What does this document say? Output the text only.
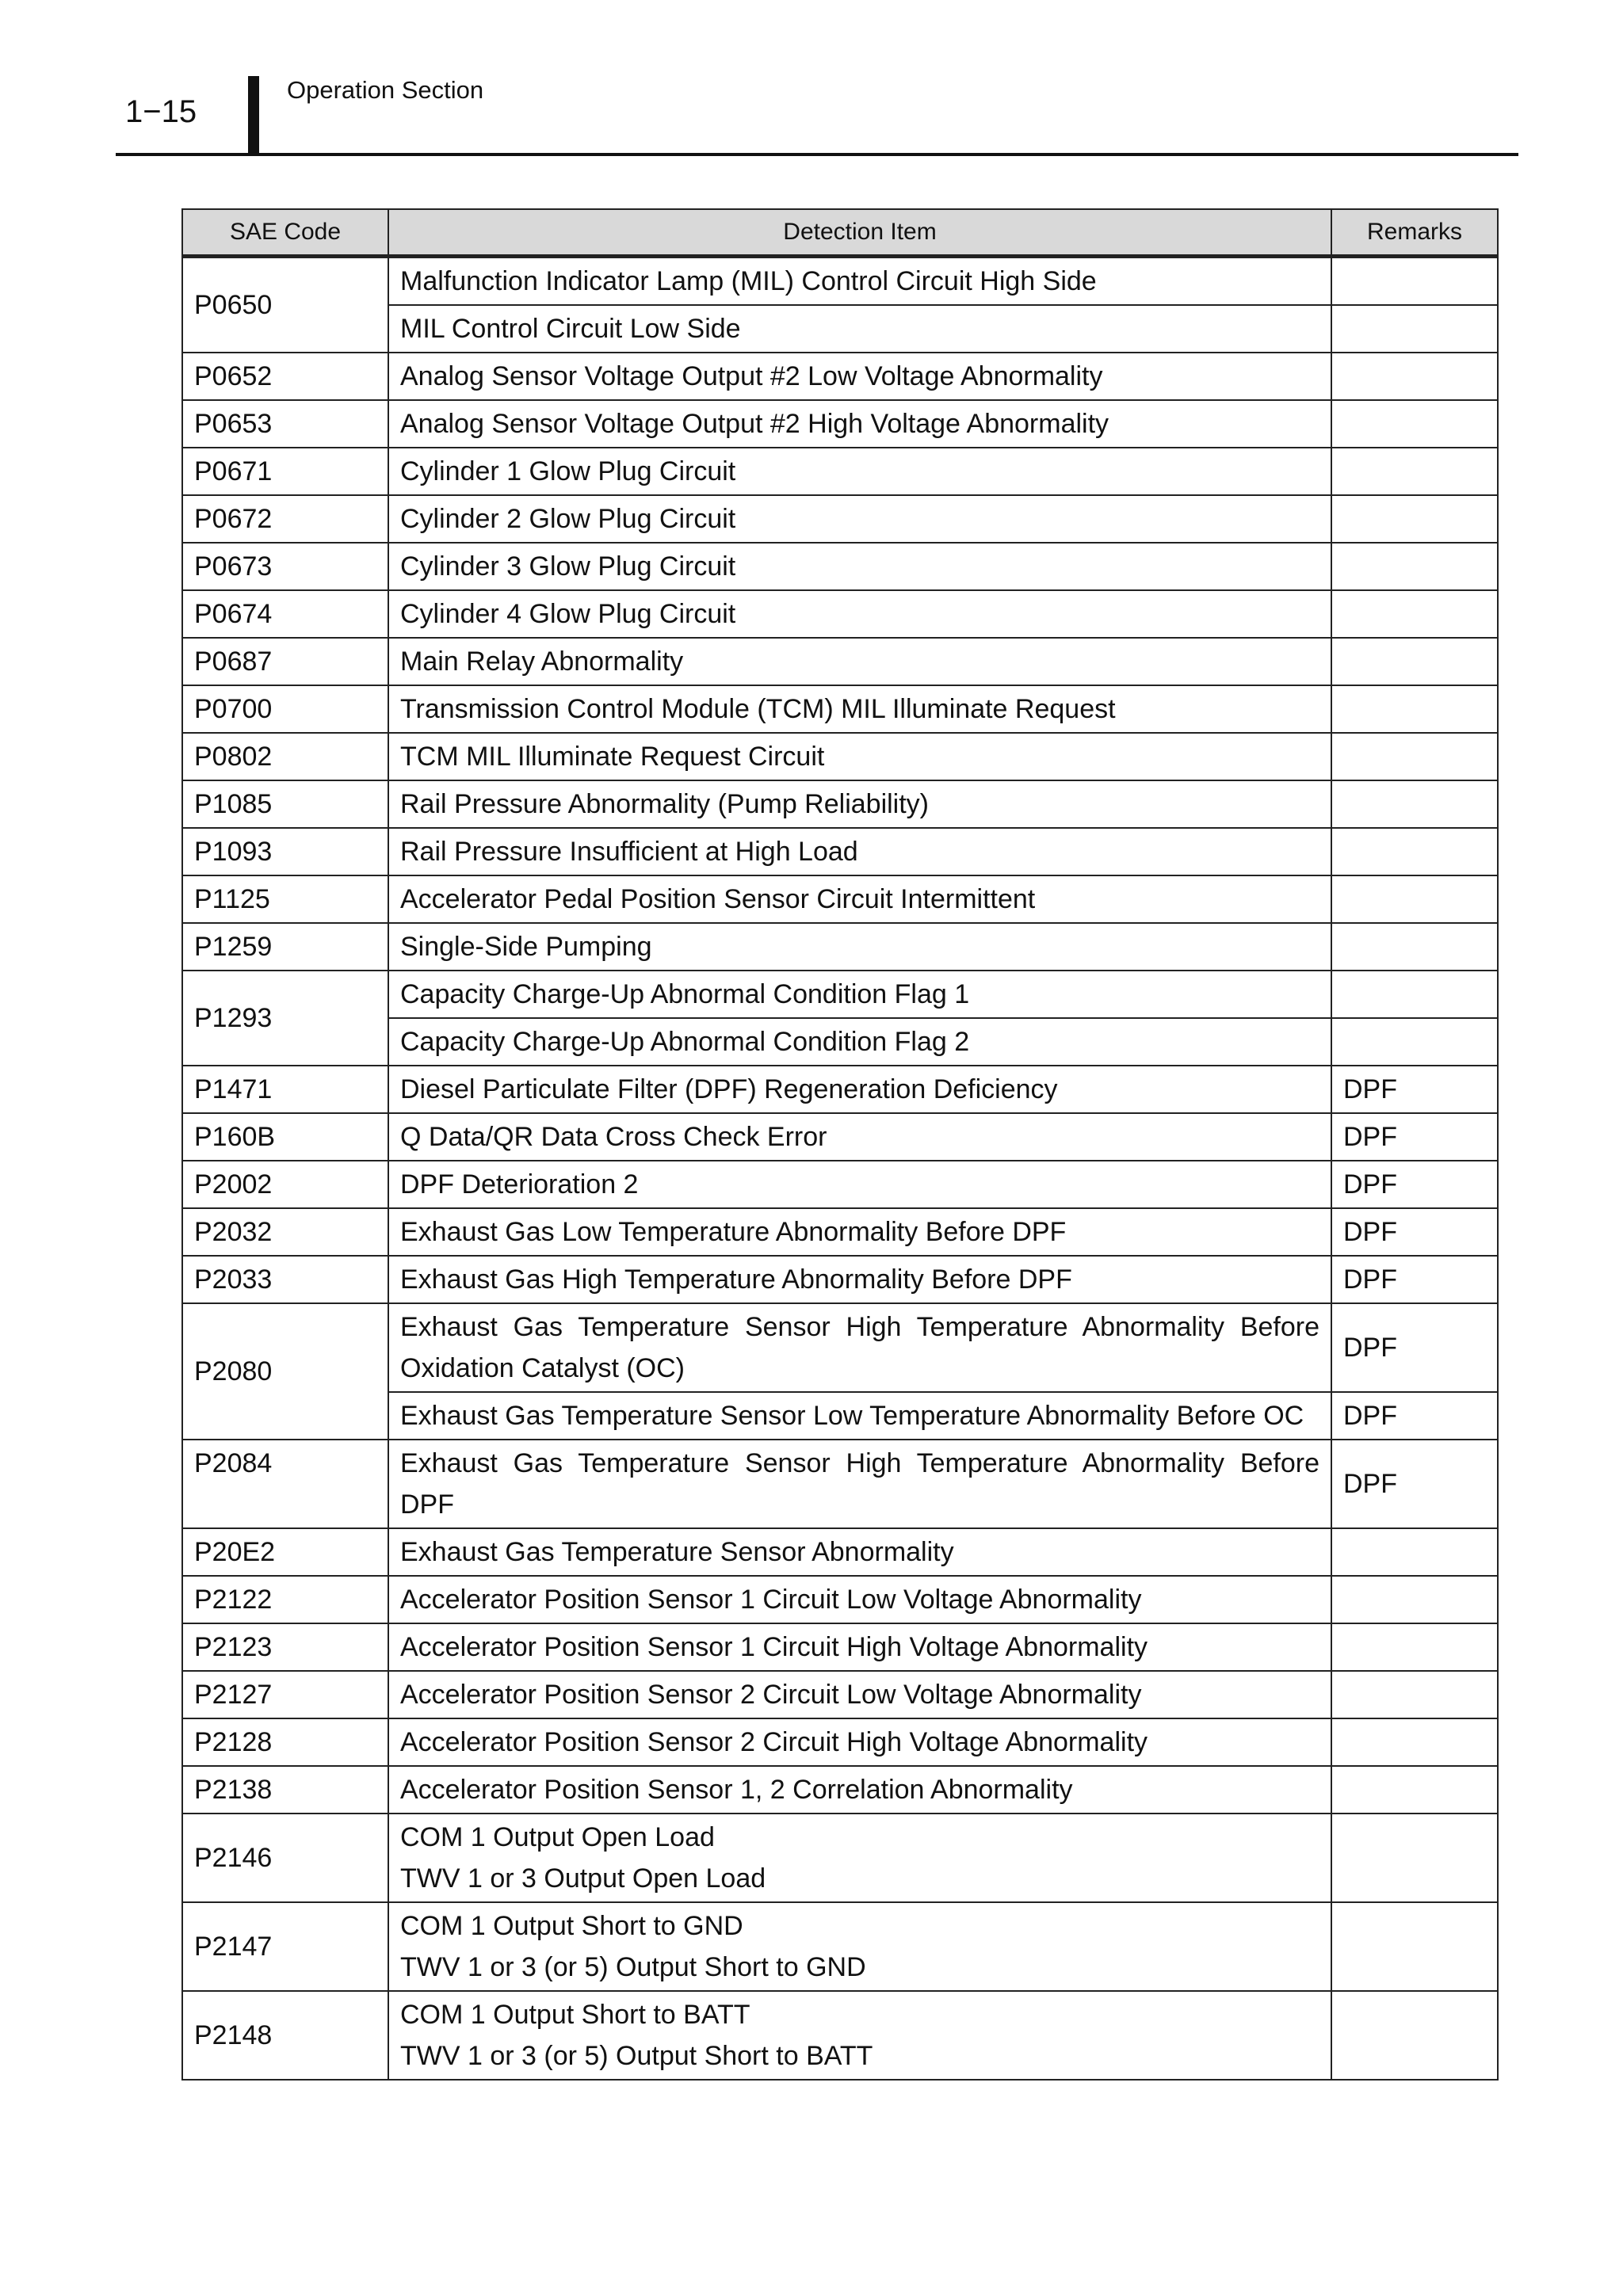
1−15
Operation Section
SAE Code	Detection Item	Remarks
P0650	Malfunction Indicator Lamp (MIL) Control Circuit High Side	
	MIL Control Circuit Low Side	
P0652	Analog Sensor Voltage Output #2 Low Voltage Abnormality	
P0653	Analog Sensor Voltage Output #2 High Voltage Abnormality	
P0671	Cylinder 1 Glow Plug Circuit	
P0672	Cylinder 2 Glow Plug Circuit	
P0673	Cylinder 3 Glow Plug Circuit	
P0674	Cylinder 4 Glow Plug Circuit	
P0687	Main Relay Abnormality	
P0700	Transmission Control Module (TCM) MIL Illuminate Request	
P0802	TCM MIL Illuminate Request Circuit	
P1085	Rail Pressure Abnormality (Pump Reliability)	
P1093	Rail Pressure Insufficient at High Load	
P1125	Accelerator Pedal Position Sensor Circuit Intermittent	
P1259	Single-Side Pumping	
P1293	Capacity Charge-Up Abnormal Condition Flag 1	
	Capacity Charge-Up Abnormal Condition Flag 2	
P1471	Diesel Particulate Filter (DPF) Regeneration Deficiency	DPF
P160B	Q Data/QR Data Cross Check Error	DPF
P2002	DPF Deterioration 2	DPF
P2032	Exhaust Gas Low Temperature Abnormality Before DPF	DPF
P2033	Exhaust Gas High Temperature Abnormality Before DPF	DPF
P2080	Exhaust Gas Temperature Sensor High Temperature Abnormality Before Oxidation Catalyst (OC)	DPF
	Exhaust Gas Temperature Sensor Low Temperature Abnormality Before OC	DPF
P2084	Exhaust Gas Temperature Sensor High Temperature Abnormality Before DPF	DPF
P20E2	Exhaust Gas Temperature Sensor Abnormality	
P2122	Accelerator Position Sensor 1 Circuit Low Voltage Abnormality	
P2123	Accelerator Position Sensor 1 Circuit High Voltage Abnormality	
P2127	Accelerator Position Sensor 2 Circuit Low Voltage Abnormality	
P2128	Accelerator Position Sensor 2 Circuit High Voltage Abnormality	
P2138	Accelerator Position Sensor 1, 2 Correlation Abnormality	
P2146	COM 1 Output Open Load
TWV 1 or 3 Output Open Load	

P2147	COM 1 Output Short to GND
TWV 1 or 3 (or 5) Output Short to GND	

P2148	COM 1 Output Short to BATT
TWV 1 or 3 (or 5) Output Short to BATT	
